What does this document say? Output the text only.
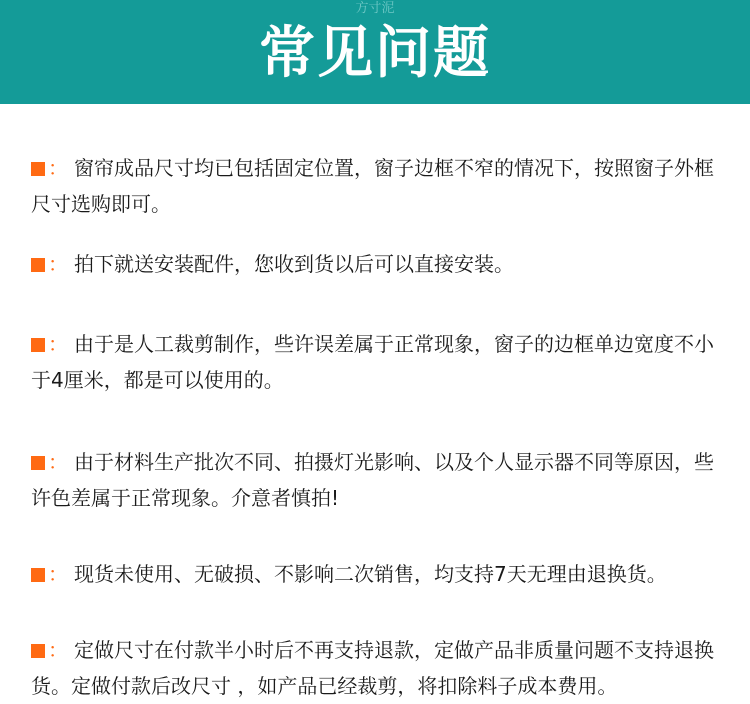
方寸泥
常见问题

： 窗帘成品尺寸均已包括固定位置，窗子边框不窄的情况下，按照窗子外框尺寸选购即可。

： 拍下就送安装配件，您收到货以后可以直接安装。

： 由于是人工裁剪制作，些许误差属于正常现象，窗子的边框单边宽度不小于4厘米，都是可以使用的。

： 由于材料生产批次不同、拍摄灯光影响、以及个人显示器不同等原因，些许色差属于正常现象。介意者慎拍!

： 现货未使用、无破损、不影响二次销售，均支持7天无理由退换货。

： 定做尺寸在付款半小时后不再支持退款，定做产品非质量问题不支持退换货。定做付款后改尺寸 ，如产品已经裁剪，将扣除料子成本费用。
